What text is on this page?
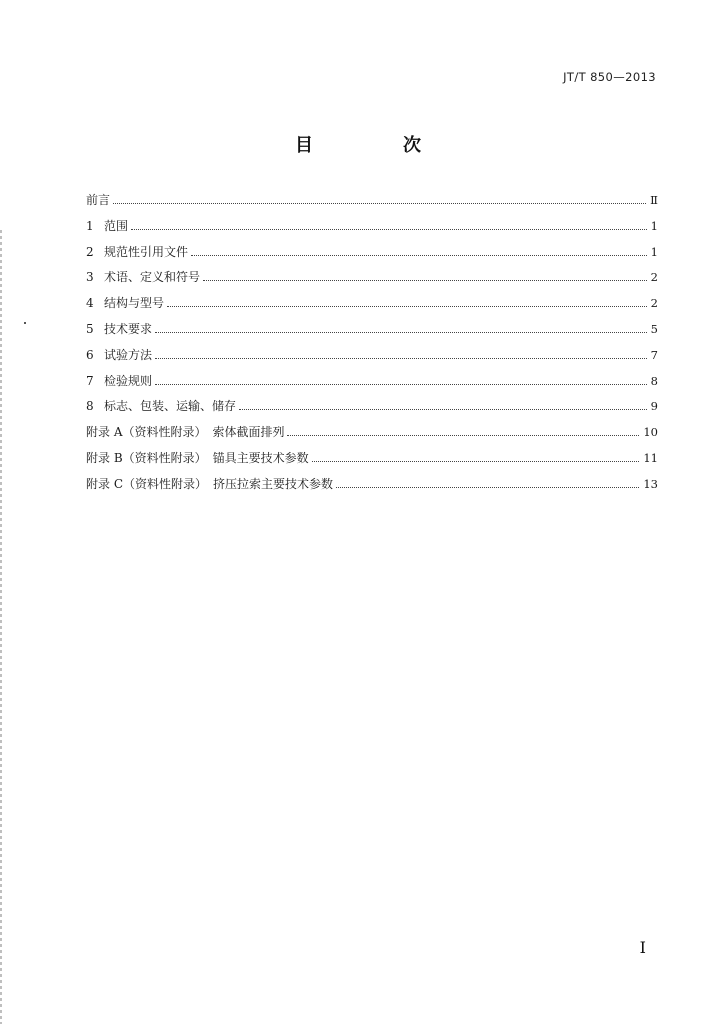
JT/T 850—2013
目　次
前言	Ⅱ
1 范围	1
2 规范性引用文件	1
3 术语、定义和符号	2
4 结构与型号	2
5 技术要求	5
6 试验方法	7
7 检验规则	8
8 标志、包装、运输、储存	9
附录 A（资料性附录）　索体截面排列	10
附录 B（资料性附录）　锚具主要技术参数	11
附录 C（资料性附录）　挤压拉索主要技术参数	13
Ⅰ
